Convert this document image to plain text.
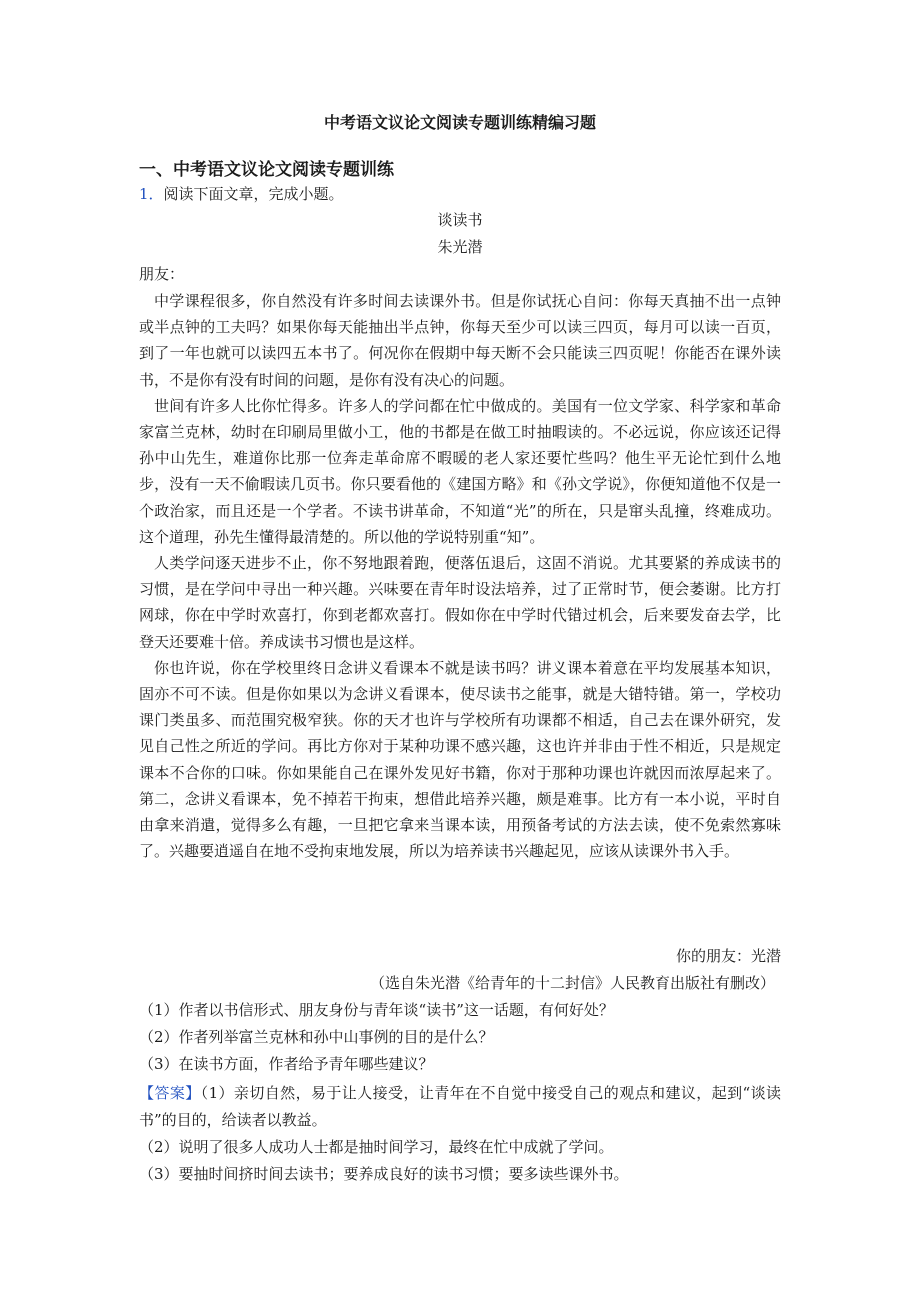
中考语文议论文阅读专题训练精编习题
一、中考语文议论文阅读专题训练
1．阅读下面文章，完成小题。
谈读书
朱光潜
朋友：

中学课程很多，你自然没有许多时间去读课外书。但是你试抚心自问：你每天真抽不出一点钟或半点钟的工夫吗？如果你每天能抽出半点钟，你每天至少可以读三四页，每月可以读一百页，到了一年也就可以读四五本书了。何况你在假期中每天断不会只能读三四页呢！你能否在课外读书，不是你有没有时间的问题，是你有没有决心的问题。

世间有许多人比你忙得多。许多人的学问都在忙中做成的。美国有一位文学家、科学家和革命家富兰克林，幼时在印刷局里做小工，他的书都是在做工时抽暇读的。不必远说，你应该还记得孙中山先生，难道你比那一位奔走革命席不暇暖的老人家还要忙些吗？他生平无论忙到什么地步，没有一天不偷暇读几页书。你只要看他的《建国方略》和《孙文学说》，你便知道他不仅是一个政治家，而且还是一个学者。不读书讲革命，不知道“光”的所在，只是窜头乱撞，终难成功。这个道理，孙先生懂得最清楚的。所以他的学说特别重“知”。

人类学问逐天进步不止，你不努地跟着跑，便落伍退后，这固不消说。尤其要紧的养成读书的习惯，是在学问中寻出一种兴趣。兴味要在青年时设法培养，过了正常时节，便会萎谢。比方打网球，你在中学时欢喜打，你到老都欢喜打。假如你在中学时代错过机会，后来要发奋去学，比登天还要难十倍。养成读书习惯也是这样。

你也许说，你在学校里终日念讲义看课本不就是读书吗？讲义课本着意在平均发展基本知识，固亦不可不读。但是你如果以为念讲义看课本，使尽读书之能事，就是大错特错。第一，学校功课门类虽多、而范围究极窄狭。你的天才也许与学校所有功课都不相适，自己去在课外研究，发见自己性之所近的学问。再比方你对于某种功课不感兴趣，这也许并非由于性不相近，只是规定课本不合你的口味。你如果能自己在课外发见好书籍，你对于那种功课也许就因而浓厚起来了。第二，念讲义看课本，免不掉若干拘束，想借此培养兴趣，颇是难事。比方有一本小说，平时自由拿来消遣，觉得多么有趣，一旦把它拿来当课本读，用预备考试的方法去读，使不免索然寡味了。兴趣要逍遥自在地不受拘束地发展，所以为培养读书兴趣起见，应该从读课外书入手。

你的朋友：光潜
（选自朱光潜《给青年的十二封信》人民教育出版社有删改）
（1）作者以书信形式、朋友身份与青年谈“读书”这一话题，有何好处？
（2）作者列举富兰克林和孙中山事例的目的是什么？
（3）在读书方面，作者给予青年哪些建议？

【答案】（1）亲切自然，易于让人接受，让青年在不自觉中接受自己的观点和建议，起到“谈读书”的目的，给读者以教益。

（2）说明了很多人成功人士都是抽时间学习，最终在忙中成就了学问。

（3）要抽时间挤时间去读书；要养成良好的读书习惯；要多读些课外书。
